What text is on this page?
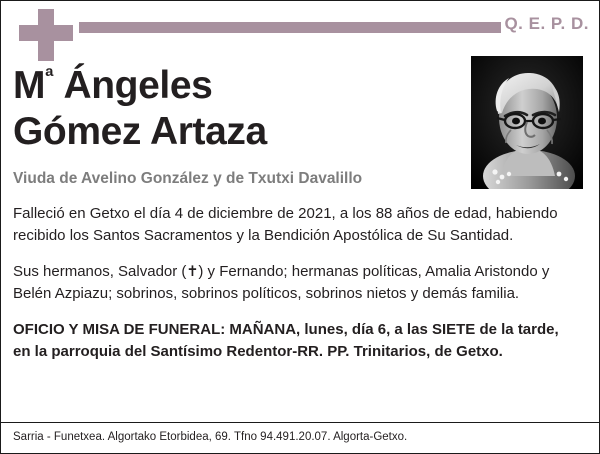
Q. E. P. D.
$M^ª$ Ángeles
Gómez Artaza
Viuda de Avelino González y de Txutxi Davalillo
Falleció en Getxo el día 4 de diciembre de 2021, a los 88 años de edad, habiendo recibido los Santos Sacramentos y la Bendición Apostólica de Su Santidad.
Sus hermanos, Salvador (✝) y Fernando; hermanas políticas, Amalia Aristondo y Belén Azpiazu; sobrinos, sobrinos políticos, sobrinos nietos y demás familia.
OFICIO Y MISA DE FUNERAL: MAÑANA, lunes, día 6, a las SIETE de la tarde, en la parroquia del Santísimo Redentor-RR. PP. Trinitarios, de Getxo.
Sarria - Funetxea. Algortako Etorbidea, 69. Tfno 94.491.20.07. Algorta-Getxo.
